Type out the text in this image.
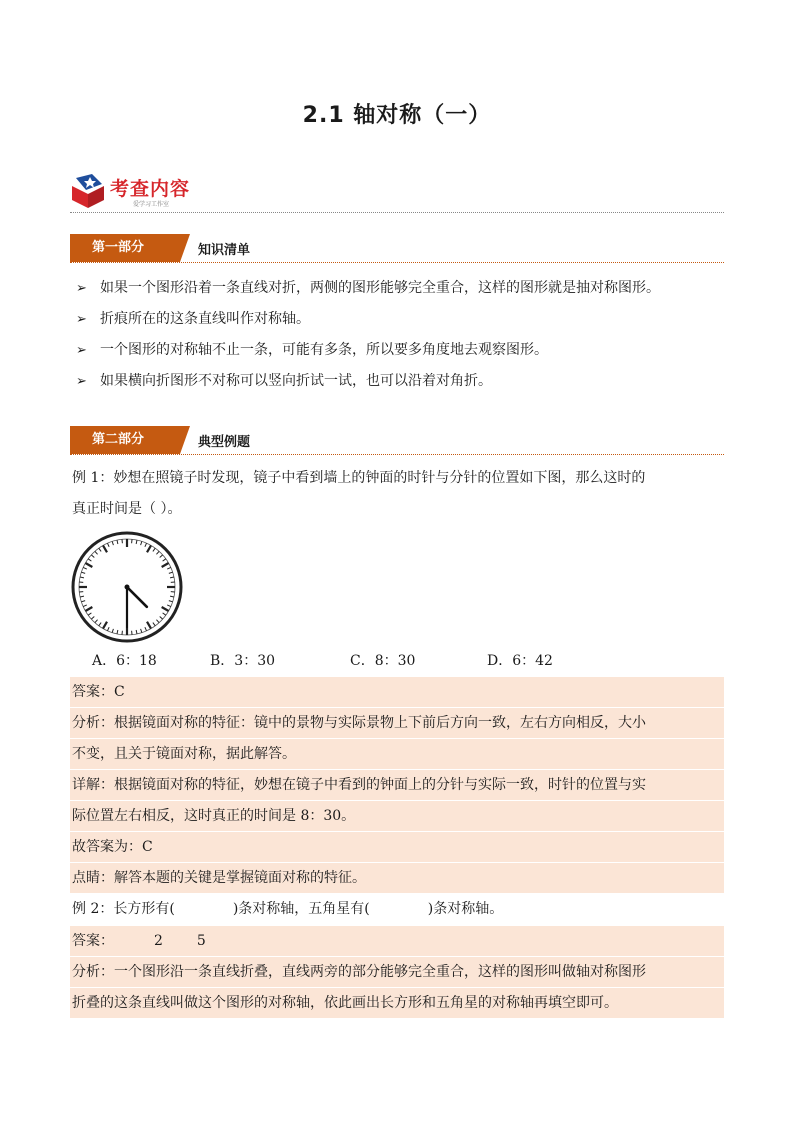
2.1 轴对称（一）
考查内容
爱学习工作室
第一部分	知识清单
➢ 如果一个图形沿着一条直线对折，两侧的图形能够完全重合，这样的图形就是抽对称图形。
➢ 折痕所在的这条直线叫作对称轴。
➢ 一个图形的对称轴不止一条，可能有多条，所以要多角度地去观察图形。
➢ 如果横向折图形不对称可以竖向折试一试，也可以沿着对角折。
第二部分	典型例题
例 1：妙想在照镜子时发现，镜子中看到墙上的钟面的时针与分针的位置如下图，那么这时的
真正时间是（ ）。
A．6：18	B．3：30	C．8：30	D．6：42
答案：C
分析：根据镜面对称的特征：镜中的景物与实际景物上下前后方向一致，左右方向相反，大小
不变，且关于镜面对称，据此解答。
详解：根据镜面对称的特征，妙想在镜子中看到的钟面上的分针与实际一致，时针的位置与实
际位置左右相反，这时真正的时间是 8：30。
故答案为：C
点睛：解答本题的关键是掌握镜面对称的特征。
例 2：长方形有(	)条对称轴，五角星有(	)条对称轴。
答案：	2 5
分析：一个图形沿一条直线折叠，直线两旁的部分能够完全重合，这样的图形叫做轴对称图形
折叠的这条直线叫做这个图形的对称轴，依此画出长方形和五角星的对称轴再填空即可。
